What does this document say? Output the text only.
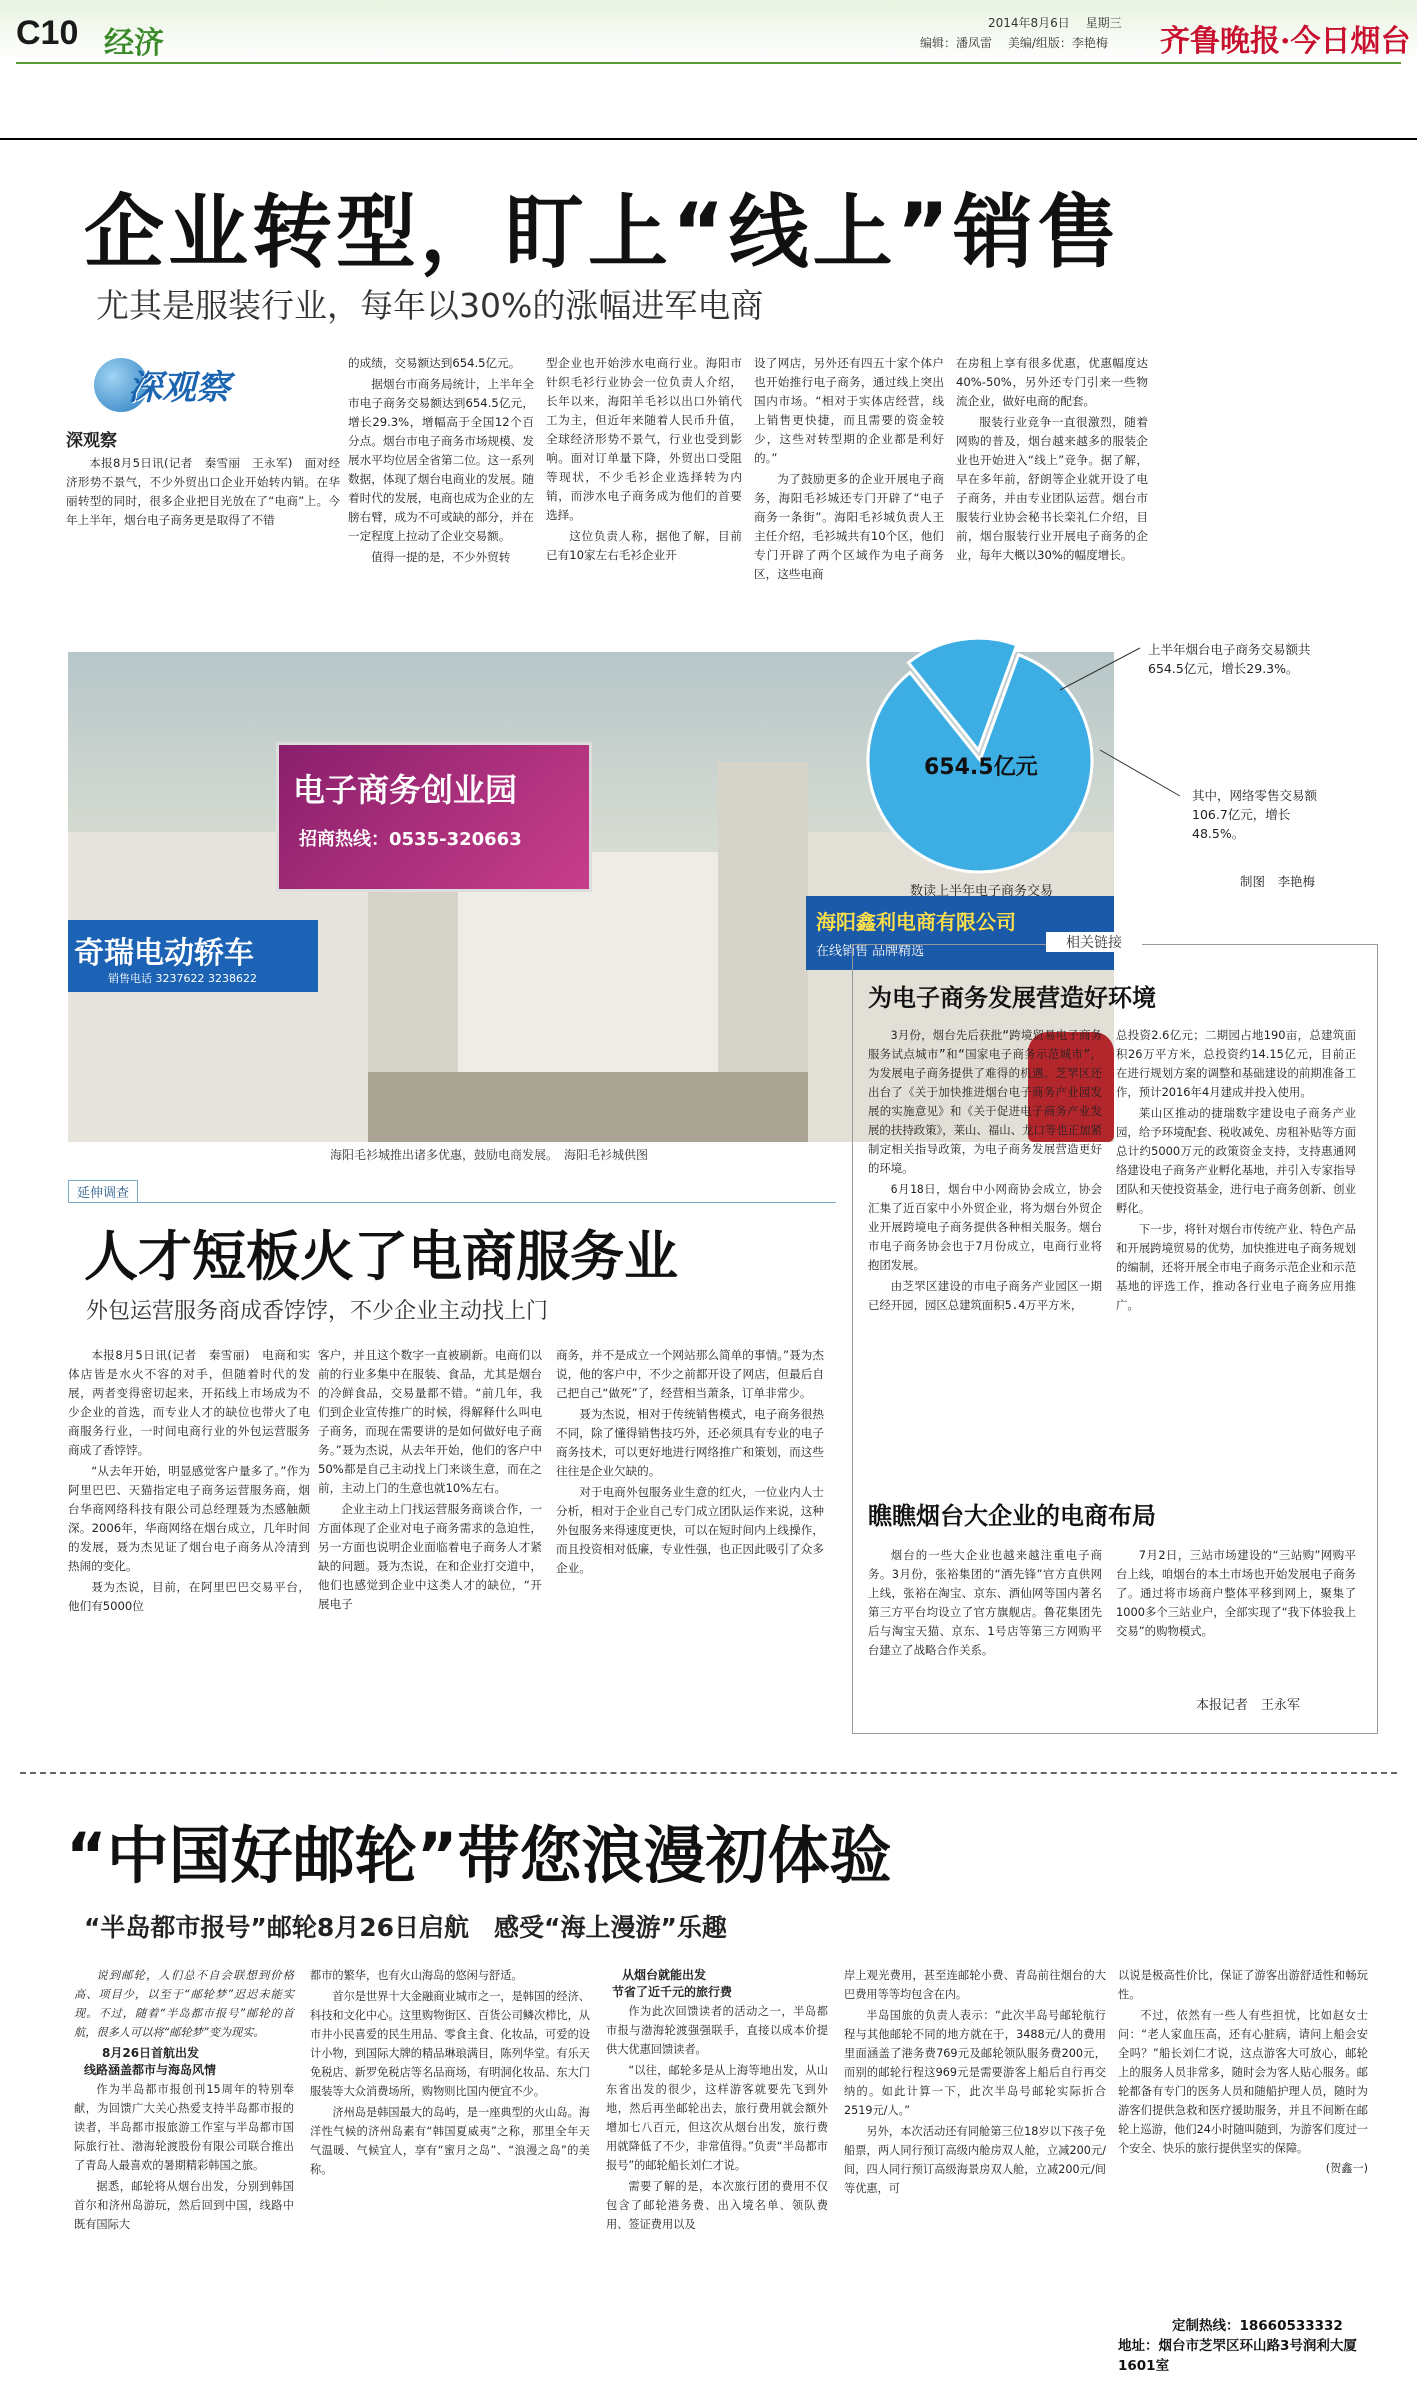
C10 经济
2014年8月6日　 星期三
编辑：潘凤雷　 美编/组版：李艳梅 齐鲁晚报·今日烟台
企业转型，盯上“线上”销售
尤其是服装行业，每年以30%的涨幅进军电商
深观察
深观察

本报8月5日讯(记者　秦雪丽　王永军)　面对经济形势不景气，不少外贸出口企业开始转内销。在华丽转型的同时，很多企业把目光放在了“电商”上。今年上半年，烟台电子商务更是取得了不错

的成绩，交易额达到654.5亿元。

据烟台市商务局统计，上半年全市电子商务交易额达到654.5亿元，增长29.3%，增幅高于全国12个百分点。烟台市电子商务市场规模、发展水平均位居全省第二位。这一系列数据，体现了烟台电商业的发展。随着时代的发展，电商也成为企业的左膀右臂，成为不可或缺的部分，并在一定程度上拉动了企业交易额。

值得一提的是，不少外贸转

型企业也开始涉水电商行业。海阳市针织毛衫行业协会一位负责人介绍，长年以来，海阳羊毛衫以出口外销代工为主，但近年来随着人民币升值，全球经济形势不景气，行业也受到影响。面对订单量下降，外贸出口受阻等现状，不少毛衫企业选择转为内销，而涉水电子商务成为他们的首要选择。

这位负责人称，据他了解，目前已有10家左右毛衫企业开

设了网店，另外还有四五十家个体户也开始推行电子商务，通过线上突出国内市场。“相对于实体店经营，线上销售更快捷，而且需要的资金较少，这些对转型期的企业都是利好的。”

为了鼓励更多的企业开展电子商务，海阳毛衫城还专门开辟了“电子商务一条街”。海阳毛衫城负责人王主任介绍，毛衫城共有10个区，他们专门开辟了两个区域作为电子商务区，这些电商

在房租上享有很多优惠，优惠幅度达40%-50%，另外还专门引来一些物流企业，做好电商的配套。

服装行业竞争一直很激烈，随着网购的普及，烟台越来越多的服装企业也开始进入“线上”竞争。据了解，早在多年前，舒朗等企业就开设了电子商务，并由专业团队运营。烟台市服装行业协会秘书长栾礼仁介绍，目前，烟台服装行业开展电子商务的企业，每年大概以30%的幅度增长。

电子商务创业园
招商热线：0535-320663
奇瑞电动轿车
销售电话 3237622 3238622
海阳鑫利电商有限公司
在线销售 品牌精选
海阳毛衫城推出诸多优惠，鼓励电商发展。　海阳毛衫城供图
上半年烟台电子商务交易额共654.5亿元，增长29.3%。
其中，网络零售交易额106.7亿元，增长48.5%。
654.5亿元
数读上半年电子商务交易
制图　李艳梅
相关链接
为电子商务发展营造好环境

3月份，烟台先后获批“跨境贸易电子商务服务试点城市”和“国家电子商务示范城市”，为发展电子商务提供了难得的机遇。芝罘区还出台了《关于加快推进烟台电子商务产业园发展的实施意见》和《关于促进电子商务产业发展的扶持政策》，莱山、福山、龙口等也正加紧制定相关指导政策，为电子商务发展营造更好的环境。

6月18日，烟台中小网商协会成立，协会汇集了近百家中小外贸企业，将为烟台外贸企业开展跨境电子商务提供各种相关服务。烟台市电子商务协会也于7月份成立，电商行业将抱团发展。

由芝罘区建设的市电子商务产业园区一期已经开园，园区总建筑面积5.4万平方米，

总投资2.6亿元；二期园占地190亩，总建筑面积26万平方米，总投资约14.15亿元，目前正在进行规划方案的调整和基础建设的前期准备工作，预计2016年4月建成并投入使用。

莱山区推动的捷瑞数字建设电子商务产业园，给予环境配套、税收减免、房租补贴等方面总计约5000万元的政策资金支持，支持惠通网络建设电子商务产业孵化基地，并引入专家指导团队和天使投资基金，进行电子商务创新、创业孵化。

下一步，将针对烟台市传统产业、特色产品和开展跨境贸易的优势，加快推进电子商务规划的编制，还将开展全市电子商务示范企业和示范基地的评选工作，推动各行业电子商务应用推广。

瞧瞧烟台大企业的电商布局

烟台的一些大企业也越来越注重电子商务。3月份，张裕集团的“酒先锋”官方直供网上线，张裕在淘宝、京东、酒仙网等国内著名第三方平台均设立了官方旗舰店。鲁花集团先后与淘宝天猫、京东、1号店等第三方网购平台建立了战略合作关系。

7月2日，三站市场建设的“三站购”网购平台上线，咱烟台的本土市场也开始发展电子商务了。通过将市场商户整体平移到网上，聚集了1000多个三站业户，全部实现了“我下体验我上交易”的购物模式。

本报记者　王永军
延伸调查
人才短板火了电商服务业
外包运营服务商成香饽饽，不少企业主动找上门

本报8月5日讯(记者　秦雪丽)　电商和实体店皆是水火不容的对手，但随着时代的发展，两者变得密切起来，开拓线上市场成为不少企业的首选，而专业人才的缺位也带火了电商服务行业，一时间电商行业的外包运营服务商成了香饽饽。

“从去年开始，明显感觉客户量多了。”作为阿里巴巴、天猫指定电子商务运营服务商，烟台华商网络科技有限公司总经理聂为杰感触颇深。2006年，华商网络在烟台成立，几年时间的发展，聂为杰见证了烟台电子商务从冷清到热闹的变化。

聂为杰说，目前，在阿里巴巴交易平台，他们有5000位

客户，并且这个数字一直被刷新。电商们以前的行业多集中在服装、食品，尤其是烟台的冷鲜食品，交易量都不错。“前几年，我们到企业宣传推广的时候，得解释什么叫电子商务，而现在需要讲的是如何做好电子商务。”聂为杰说，从去年开始，他们的客户中50%都是自己主动找上门来谈生意，而在之前，主动上门的生意也就10%左右。

企业主动上门找运营服务商谈合作，一方面体现了企业对电子商务需求的急迫性，另一方面也说明企业面临着电子商务人才紧缺的问题。聂为杰说，在和企业打交道中，他们也感觉到企业中这类人才的缺位，“开展电子

商务，并不是成立一个网站那么简单的事情。”聂为杰说，他的客户中，不少之前都开设了网店，但最后自己把自己“做死”了，经营相当萧条，订单非常少。

聂为杰说，相对于传统销售模式，电子商务很热不同，除了懂得销售技巧外，还必须具有专业的电子商务技术，可以更好地进行网络推广和策划，而这些往往是企业欠缺的。

对于电商外包服务业生意的红火，一位业内人士分析，相对于企业自己专门成立团队运作来说，这种外包服务来得速度更快，可以在短时间内上线操作，而且投资相对低廉，专业性强，也正因此吸引了众多企业。

“中国好邮轮”带您浪漫初体验
“半岛都市报号”邮轮8月26日启航　感受“海上漫游”乐趣

说到邮轮，人们总不自会联想到价格高、项目少，以至于“邮轮梦”迟迟未能实现。不过，随着“半岛都市报号”邮轮的首航，很多人可以将“邮轮梦”变为现实。

8月26日首航出发
线路涵盖都市与海岛风情

作为半岛都市报创刊15周年的特别奉献，为回馈广大关心热爱支持半岛都市报的读者，半岛都市报旅游工作室与半岛都市国际旅行社、渤海轮渡股份有限公司联合推出了青岛人最喜欢的暑期精彩韩国之旅。

据悉，邮轮将从烟台出发，分别到韩国首尔和济州岛游玩，然后回到中国，线路中既有国际大

都市的繁华，也有火山海岛的悠闲与舒适。

首尔是世界十大金融商业城市之一，是韩国的经济、科技和文化中心。这里购物街区、百货公司鳞次栉比，从市井小民喜爱的民生用品、零食主食、化妆品，可爱的设计小物，到国际大牌的精品琳琅满目，陈列华堂。有乐天免税店、新罗免税店等名品商场，有明洞化妆品、东大门服装等大众消费场所，购物则比国内便宜不少。

济州岛是韩国最大的岛屿，是一座典型的火山岛。海洋性气候的济州岛素有“韩国夏威夷”之称，那里全年天气温暖、气候宜人，享有“蜜月之岛”、“浪漫之岛”的美称。

从烟台就能出发
节省了近千元的旅行费

作为此次回馈读者的活动之一，半岛都市报与渤海轮渡强强联手，直接以成本价提供大优惠回馈读者。

“以往，邮轮多是从上海等地出发，从山东省出发的很少，这样游客就要先飞到外地，然后再坐邮轮出去，旅行费用就会额外增加七八百元，但这次从烟台出发，旅行费用就降低了不少，非常值得。”负责“半岛都市报号”的邮轮船长刘仁才说。

需要了解的是，本次旅行团的费用不仅包含了邮轮港务费、出入境名单、领队费用、签证费用以及

岸上观光费用，甚至连邮轮小费、青岛前往烟台的大巴费用等等均包含在内。

半岛国旅的负责人表示：“此次半岛号邮轮航行程与其他邮轮不同的地方就在于，3488元/人的费用里面涵盖了港务费769元及邮轮领队服务费200元，而别的邮轮行程这969元是需要游客上船后自行再交纳的。如此计算一下，此次半岛号邮轮实际折合2519元/人。”

另外，本次活动还有同舱第三位18岁以下孩子免船票，两人同行预订高级内舱房双人舱，立减200元/间，四人同行预订高级海景房双人舱，立减200元/间等优惠，可

以说是极高性价比，保证了游客出游舒适性和畅玩性。

不过，依然有一些人有些担忧，比如赵女士问：“老人家血压高，还有心脏病，请问上船会安全吗？”船长刘仁才说，这点游客大可放心，邮轮上的服务人员非常多，随时会为客人贴心服务。邮轮都备有专门的医务人员和随船护理人员，随时为游客们提供急救和医疗援助服务，并且不间断在邮轮上巡游，他们24小时随叫随到，为游客们度过一个安全、快乐的旅行提供坚实的保障。

(贺鑫一)
定制热线：18660533332
地址：烟台市芝罘区环山路3号润利大厦1601室
